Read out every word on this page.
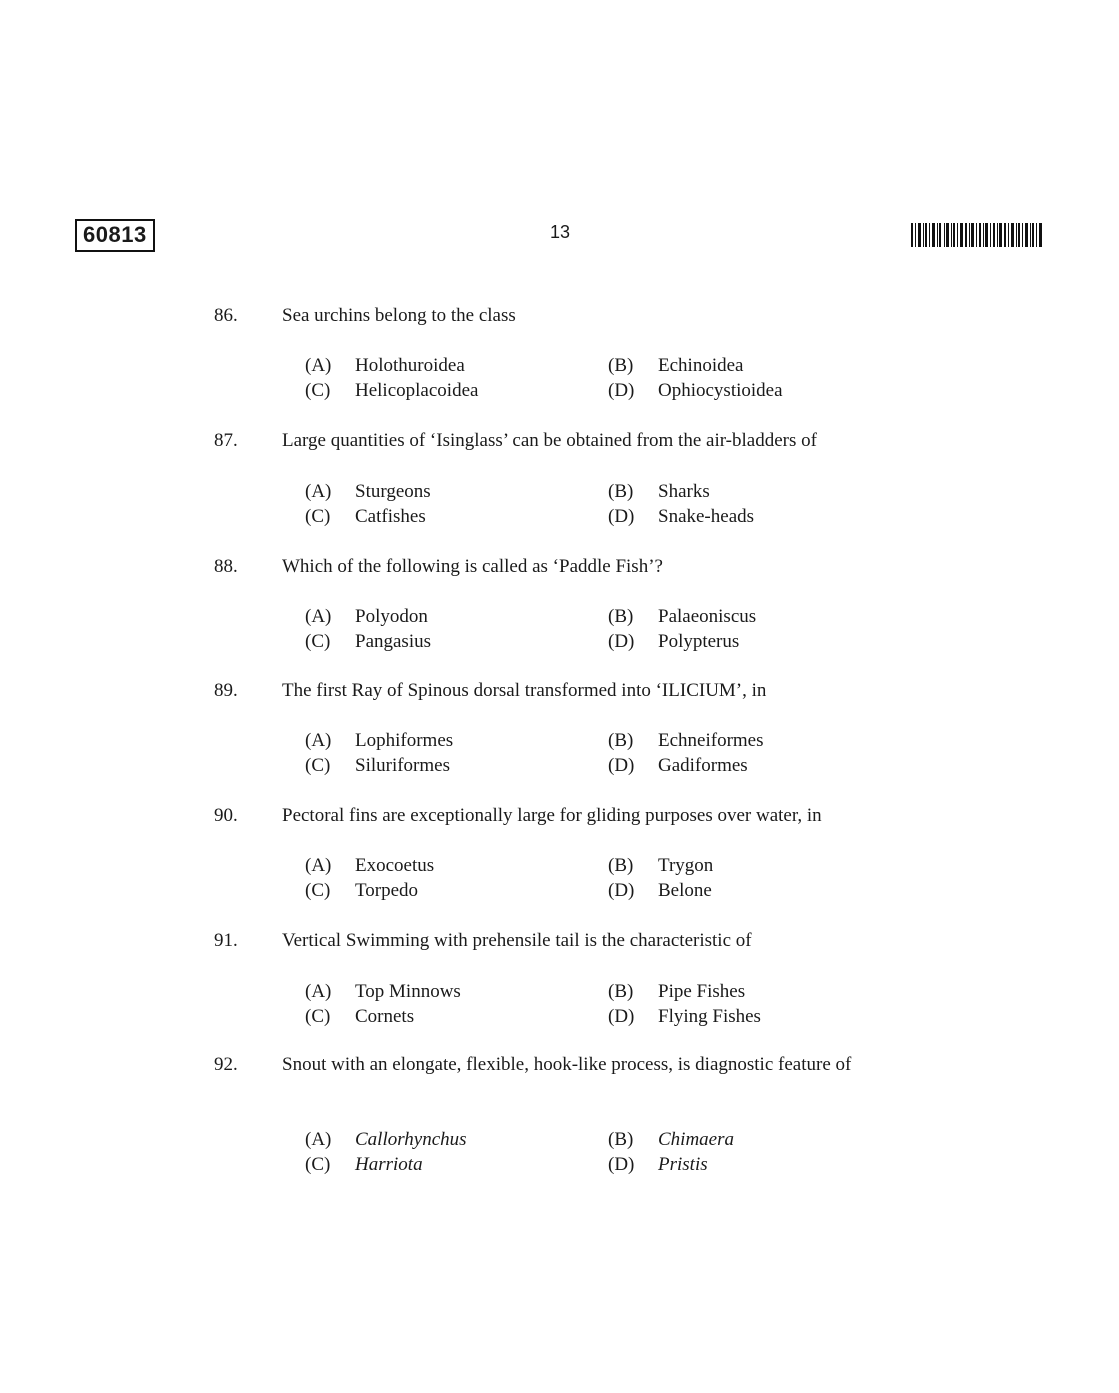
60813	13
86. Sea urchins belong to the class
(A) Holothuroidea	(B) Echinoidea
(C) Helicoplacoidea	(D) Ophiocystioidea
87. Large quantities of ‘Isinglass’ can be obtained from the air-bladders of
(A) Sturgeons	(B) Sharks
(C) Catfishes	(D) Snake-heads
88. Which of the following is called as ‘Paddle Fish’?
(A) Polyodon	(B) Palaeoniscus
(C) Pangasius	(D) Polypterus
89. The first Ray of Spinous dorsal transformed into ‘ILICIUM’, in
(A) Lophiformes	(B) Echneiformes
(C) Siluriformes	(D) Gadiformes
90. Pectoral fins are exceptionally large for gliding purposes over water, in
(A) Exocoetus	(B) Trygon
(C) Torpedo	(D) Belone
91. Vertical Swimming with prehensile tail is the characteristic of
(A) Top Minnows	(B) Pipe Fishes
(C) Cornets	(D) Flying Fishes
92. Snout with an elongate, flexible, hook-like process, is diagnostic feature of
(A) Callorhynchus	(B) Chimaera
(C) Harriota	(D) Pristis
